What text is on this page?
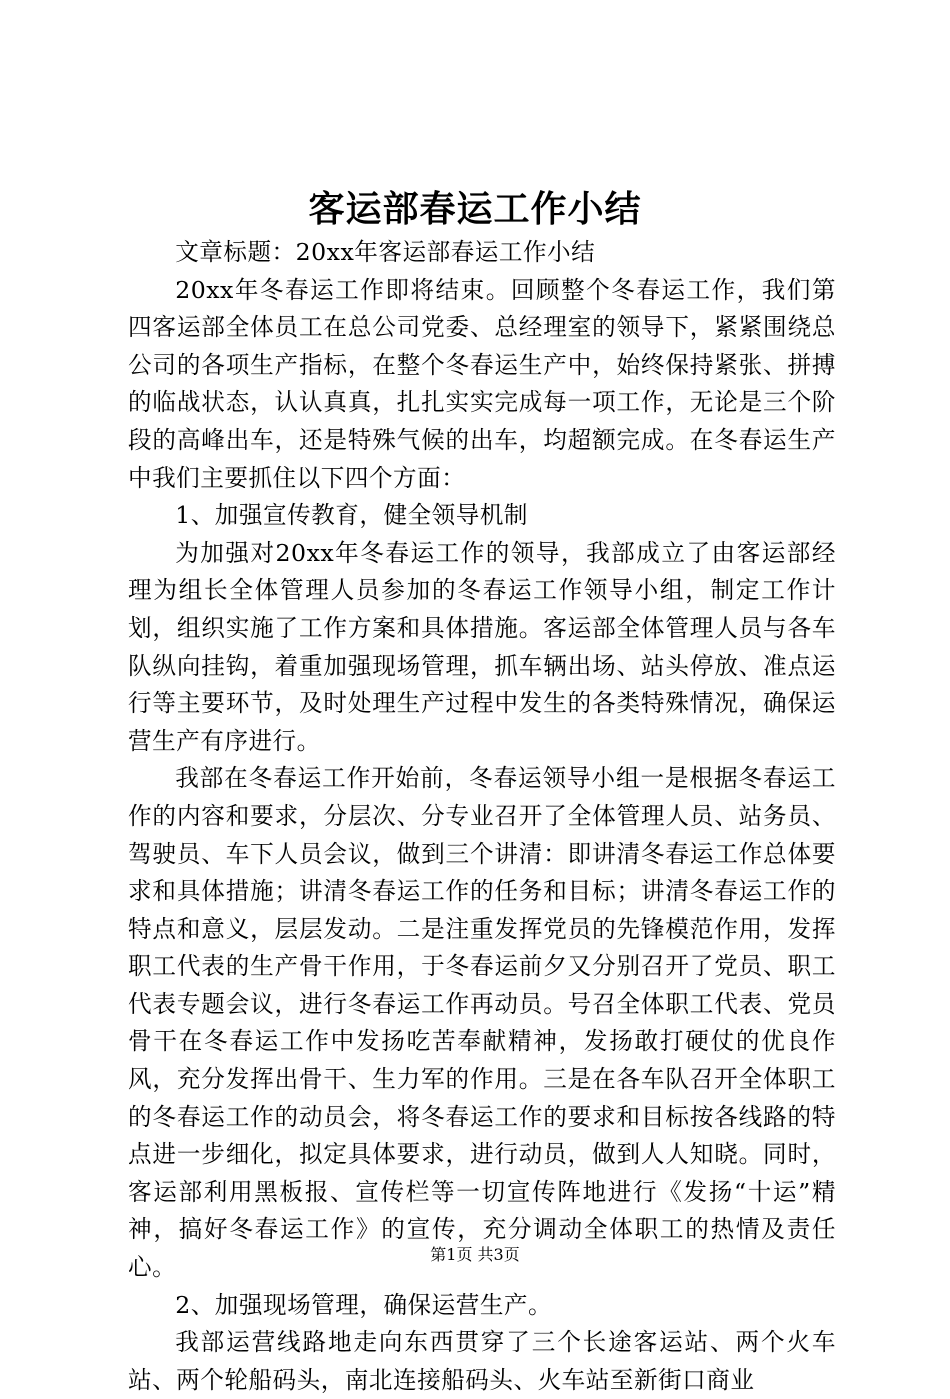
客运部春运工作小结

文章标题：20xx年客运部春运工作小结

20xx年冬春运工作即将结束。回顾整个冬春运工作，我们第四客运部全体员工在总公司党委、总经理室的领导下，紧紧围绕总公司的各项生产指标，在整个冬春运生产中，始终保持紧张、拼搏的临战状态，认认真真，扎扎实实完成每一项工作，无论是三个阶段的高峰出车，还是特殊气候的出车，均超额完成。在冬春运生产中我们主要抓住以下四个方面：

1、加强宣传教育，健全领导机制

为加强对20xx年冬春运工作的领导，我部成立了由客运部经理为组长全体管理人员参加的冬春运工作领导小组，制定工作计划，组织实施了工作方案和具体措施。客运部全体管理人员与各车队纵向挂钩，着重加强现场管理，抓车辆出场、站头停放、准点运行等主要环节，及时处理生产过程中发生的各类特殊情况，确保运营生产有序进行。

我部在冬春运工作开始前，冬春运领导小组一是根据冬春运工作的内容和要求，分层次、分专业召开了全体管理人员、站务员、驾驶员、车下人员会议，做到三个讲清：即讲清冬春运工作总体要求和具体措施；讲清冬春运工作的任务和目标；讲清冬春运工作的特点和意义，层层发动。二是注重发挥党员的先锋模范作用，发挥职工代表的生产骨干作用，于冬春运前夕又分别召开了党员、职工代表专题会议，进行冬春运工作再动员。号召全体职工代表、党员骨干在冬春运工作中发扬吃苦奉献精神，发扬敢打硬仗的优良作风，充分发挥出骨干、生力军的作用。三是在各车队召开全体职工的冬春运工作的动员会，将冬春运工作的要求和目标按各线路的特点进一步细化，拟定具体要求，进行动员，做到人人知晓。同时，客运部利用黑板报、宣传栏等一切宣传阵地进行《发扬“十运”精神，搞好冬春运工作》的宣传，充分调动全体职工的热情及责任心。

2、加强现场管理，确保运营生产。

我部运营线路地走向东西贯穿了三个长途客运站、两个火车站、两个轮船码头，南北连接船码头、火车站至新街口商业

第1页 共3页
